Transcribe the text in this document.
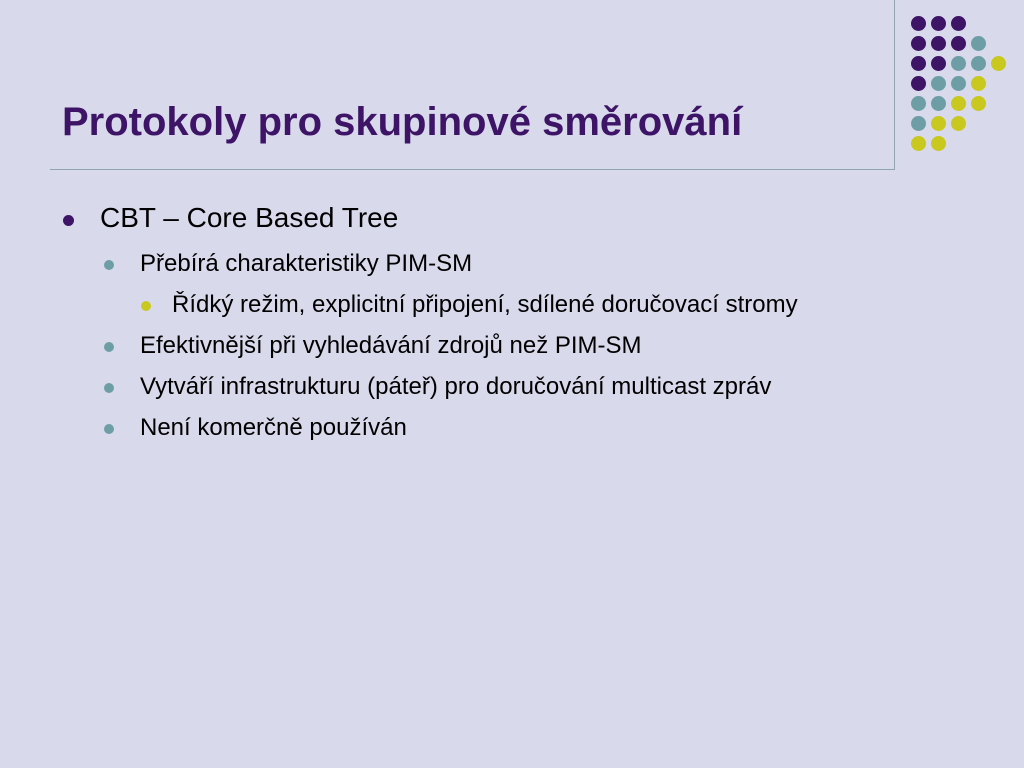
Protokoly pro skupinové směrování
CBT – Core Based Tree
Přebírá charakteristiky PIM-SM
Řídký režim, explicitní připojení, sdílené doručovací stromy
Efektivnější při vyhledávání zdrojů než PIM-SM
Vytváří infrastrukturu (páteř) pro doručování multicast zpráv
Není komerčně používán
